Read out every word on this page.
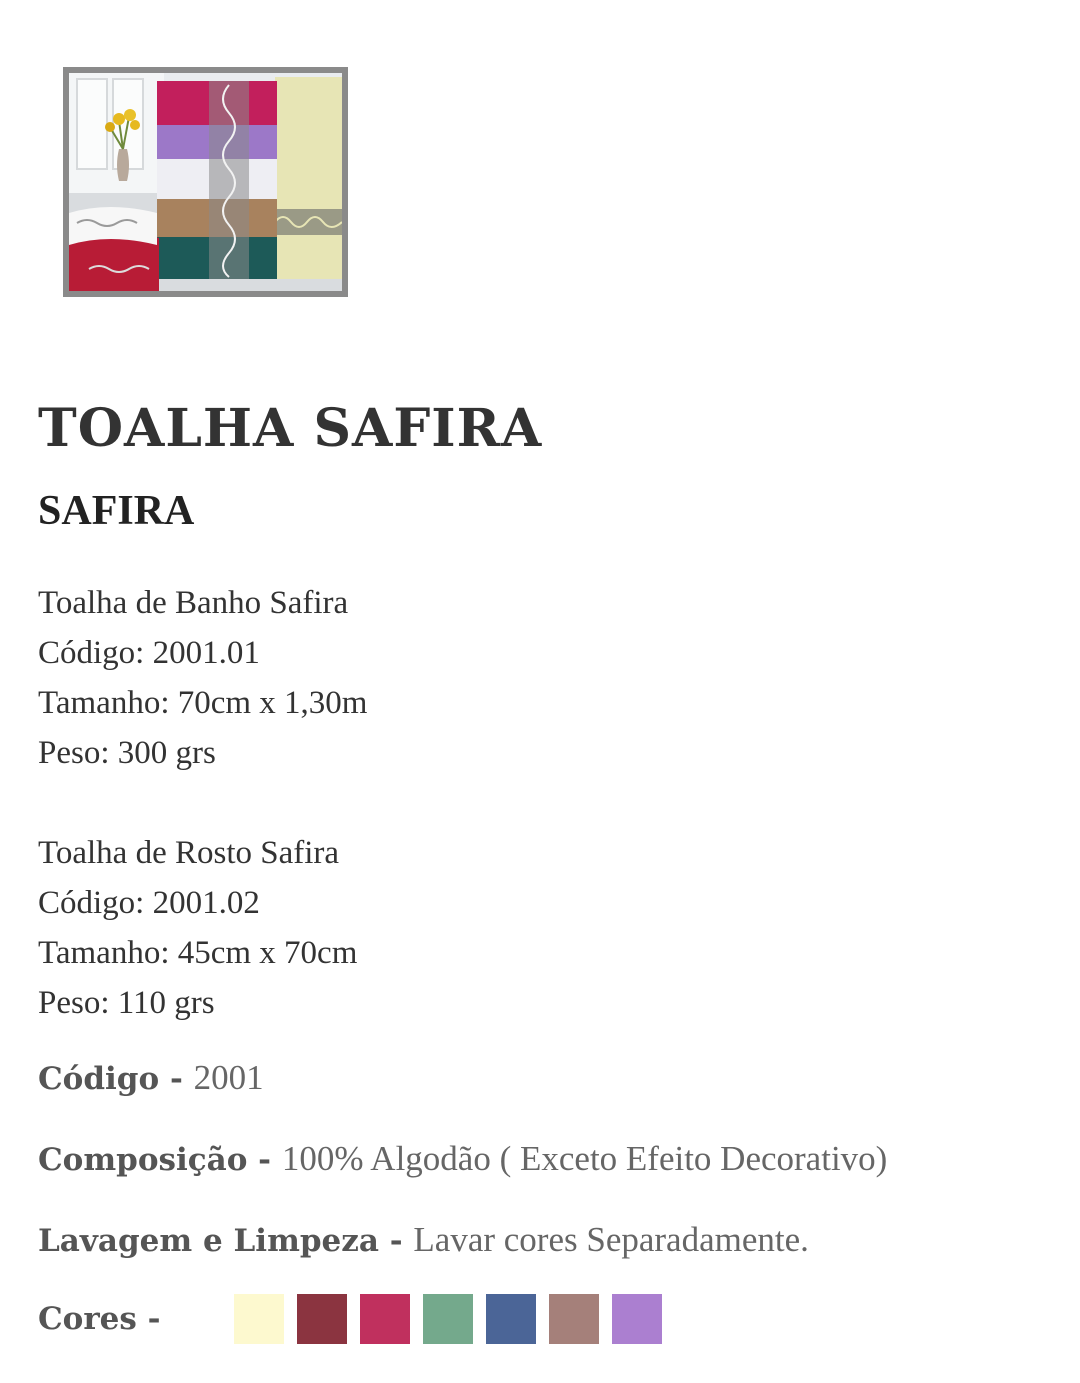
TOALHA SAFIRA
SAFIRA
Toalha de Banho Safira
Código: 2001.01
Tamanho: 70cm x 1,30m
Peso: 300 grs
Toalha de Rosto Safira
Código: 2001.02
Tamanho: 45cm x 70cm
Peso: 110 grs
Código - 2001
Composição - 100% Algodão ( Exceto Efeito Decorativo)
Lavagem e Limpeza - Lavar cores Separadamente.
Cores -
